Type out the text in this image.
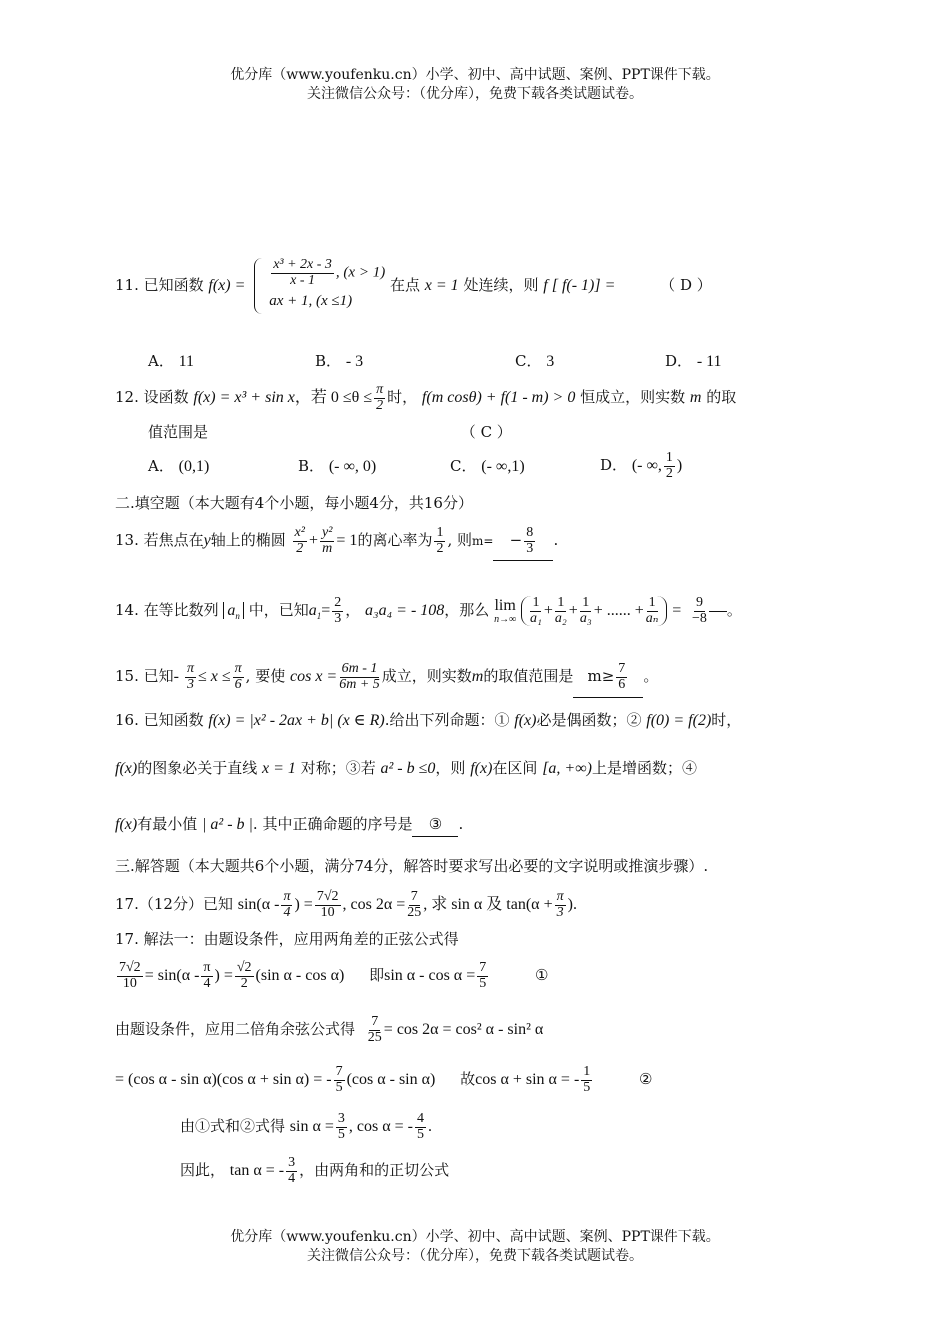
优分库（www.youfenku.cn）小学、初中、高中试题、案例、PPT课件下载。
关注微信公众号：（优分库），免费下载各类试题试卷。
11. 已知函数 $f(x) = \frac{\text{x³ + 2x - 3}}{x - 1}$ , (x > 1)
ax + 1, (x ≤1)
在点 x = 1 处连续，则 f [ f(- 1)] =	（ D ）
A． 11	B． - 3	C． 3	D． - 11
12. 设函数 f(x) = x³ + sin x，若 $0 \le\theta \le \frac{\pi}{2}$ 时， f(m cosθ) + f(1 - m) > 0 恒成立，则实数 m 的取
值范围是	（ C ）
A． (0,1)	B． (- ∞, 0)	C． (- ∞,1)	D． (- ∞, $\frac{1}{2}$ )
二.填空题（本大题有4个小题，每小题4分，共16分）
13. 若焦点在y轴上的椭圆 $\frac{\text{x²}}{2} + \frac{\text{y²}}{m} = 1$的离心率为 $\frac{1}{2}$ , 则$m= - \frac{8}{3}$ .
14. 在等比数列 $a_n$ 中，已知$a_1= \frac{2}{3}$ ， a₃a₄ = - 108，那么 lim
n→∞
$\frac{1}{\text{a₁}} + \frac{1}{\text{a₂}} + \frac{1}{\text{a₃}}$ + ...... + $\frac{1}{\text{aₙ}} = \frac{9}{-8}$ 。
15. 已知- $\frac{\pi}{3} \le x \le \frac{\pi}{6}$ , 要使 $\cos x = \frac{6m - 1}{6m + 5}$ 成立，则实数m的取值范围是 $m\ge \frac{7}{6}$ 。
16. 已知函数 f(x) = |x² - 2ax + b| (x ∈ R).给出下列命题：① f(x)必是偶函数；② f(0) = f(2)时，
f(x)的图象必关于直线 x = 1 对称；③若 a² - b ≤0，则 f(x)在区间 [a, +∞)上是增函数；④
f(x)有最小值 | a² - b |. 其中正确命题的序号是 ③ .
三.解答题（本大题共6个小题，满分74分，解答时要求写出必要的文字说明或推演步骤）.
17.（12分）已知 $\sin(\alpha - \frac{\pi}{4}$ ) = $\frac{7√2}{10}$ , $\cos 2\alpha = \frac{7}{25}$ , 求 sin α 及 $\tan(\alpha + \frac{\pi}{3}$ ).
17. 解法一：由题设条件，应用两角差的正弦公式得
$\frac{7√2}{10} = \sin(\alpha - \frac{\pi}{4}$ ) = $\frac{√2}{2} (\sin$ α - cos α) 即$\sin \alpha - \cos \alpha = \frac{7}{5}$	①
由题设条件，应用二倍角余弦公式得 $\frac{7}{25} = \cos 2\alpha = \cos^2$ α - sin² α
= (cos α - sin α)(cos α + sin α) = - $\frac{7}{5} (\cos$ α - sin α) 故cos α + sin α = - $\frac{1}{5}$	②
由①式和②式得 $\sin \alpha = \frac{3}{5}$ , cos α = - $\frac{4}{5}$ .
因此， tan α = - $\frac{3}{4}$ ，由两角和的正切公式
优分库（www.youfenku.cn）小学、初中、高中试题、案例、PPT课件下载。
关注微信公众号：（优分库），免费下载各类试题试卷。
